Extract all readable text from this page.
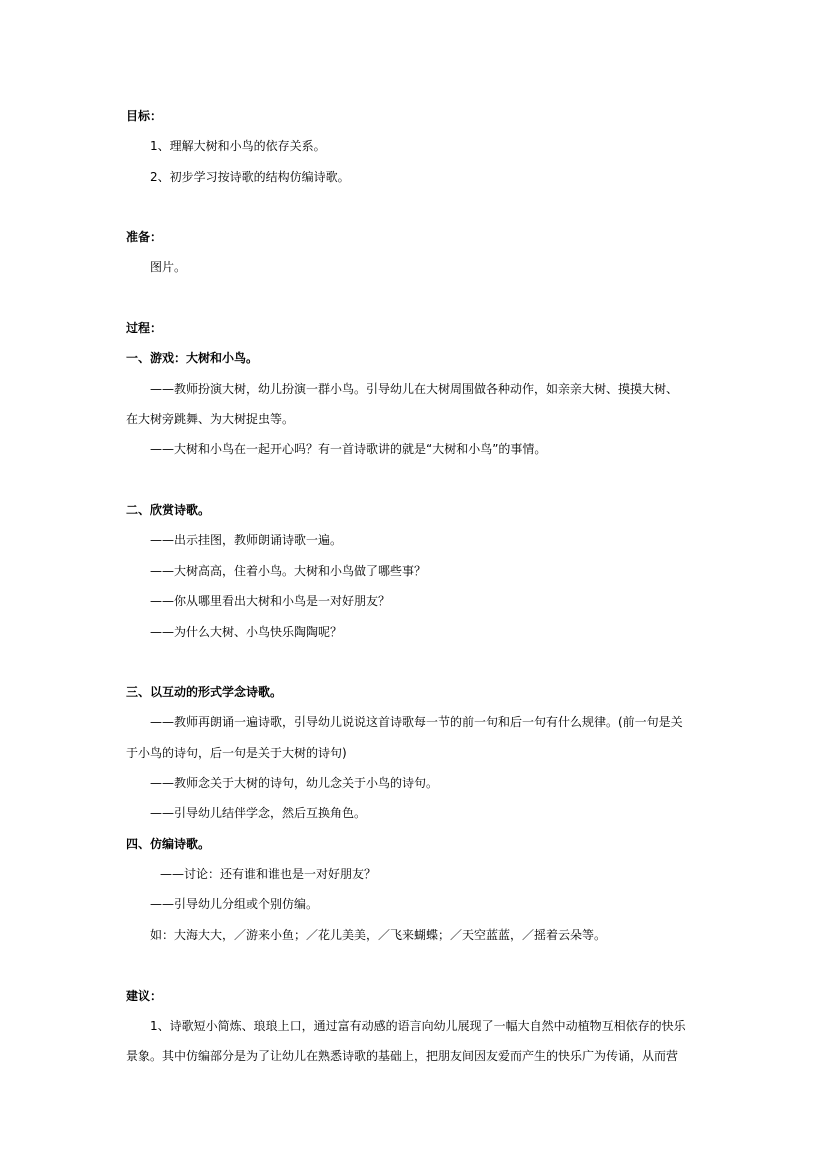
目标：
1、理解大树和小鸟的依存关系。
2、初步学习按诗歌的结构仿编诗歌。
准备：
图片。
过程：
一、游戏：大树和小鸟。
——教师扮演大树，幼儿扮演一群小鸟。引导幼儿在大树周围做各种动作，如亲亲大树、摸摸大树、
在大树旁跳舞、为大树捉虫等。
——大树和小鸟在一起开心吗？有一首诗歌讲的就是“大树和小鸟”的事情。
二、欣赏诗歌。
——出示挂图，教师朗诵诗歌一遍。
——大树高高，住着小鸟。大树和小鸟做了哪些事？
——你从哪里看出大树和小鸟是一对好朋友？
——为什么大树、小鸟快乐陶陶呢？
三、以互动的形式学念诗歌。
——教师再朗诵一遍诗歌，引导幼儿说说这首诗歌每一节的前一句和后一句有什么规律。(前一句是关
于小鸟的诗句，后一句是关于大树的诗句)
——教师念关于大树的诗句，幼儿念关于小鸟的诗句。
——引导幼儿结伴学念，然后互换角色。
四、仿编诗歌。
——讨论：还有谁和谁也是一对好朋友？
——引导幼儿分组或个别仿编。
如：大海大大，／游来小鱼；／花儿美美，／飞来蝴蝶；／天空蓝蓝，／摇着云朵等。
建议：
1、诗歌短小简炼、琅琅上口，通过富有动感的语言向幼儿展现了一幅大自然中动植物互相依存的快乐
景象。其中仿编部分是为了让幼儿在熟悉诗歌的基础上，把朋友间因友爱而产生的快乐广为传诵，从而营
